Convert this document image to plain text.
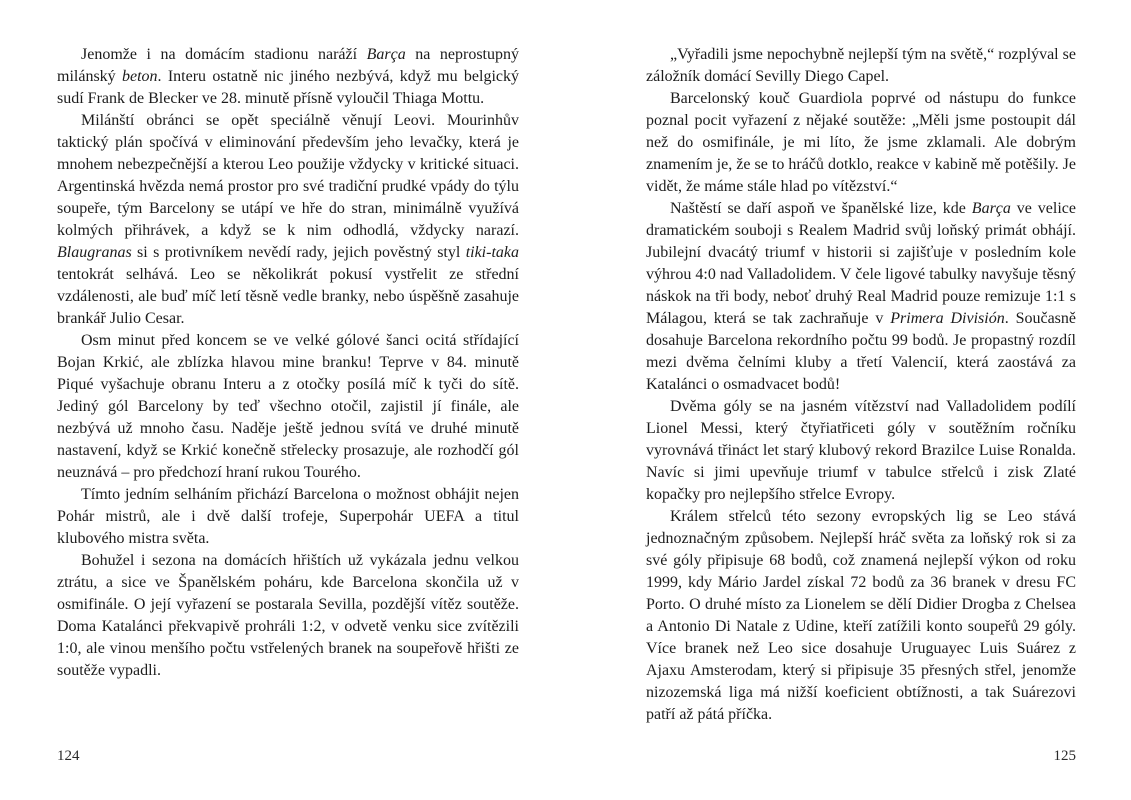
Jenomže i na domácím stadionu naráží Barça na neprostupný milánský beton. Interu ostatně nic jiného nezbývá, když mu belgický sudí Frank de Blecker ve 28. minutě přísně vyloučil Thiaga Mottu.

Milánští obránci se opět speciálně věnují Leovi. Mourinhův taktický plán spočívá v eliminování především jeho levačky, která je mnohem nebezpečnější a kterou Leo použije vždycky v kritické situaci. Argentinská hvězda nemá prostor pro své tradiční prudké vpády do týlu soupeře, tým Barcelony se utápí ve hře do stran, minimálně využívá kolmých přihrávek, a když se k nim odhodlá, vždycky narazí. Blaugranas si s protivníkem nevědí rady, jejich pověstný styl tiki-taka tentokrát selhává. Leo se několikrát pokusí vystřelit ze střední vzdálenosti, ale buď míč letí těsně vedle branky, nebo úspěšně zasahuje brankář Julio Cesar.

Osm minut před koncem se ve velké gólové šanci ocitá střídající Bojan Krkić, ale zblízka hlavou mine branku! Teprve v 84. minutě Piqué vyšachuje obranu Interu a z otočky posílá míč k tyči do sítě. Jediný gól Barcelony by teď všechno otočil, zajistil jí finále, ale nezbývá už mnoho času. Naděje ještě jednou svítá ve druhé minutě nastavení, když se Krkić konečně střelecky prosazuje, ale rozhodčí gól neuznává – pro předchozí hraní rukou Tourého.

Tímto jedním selháním přichází Barcelona o možnost obhájit nejen Pohár mistrů, ale i dvě další trofeje, Superpohár UEFA a titul klubového mistra světa.

Bohužel i sezona na domácích hřištích už vykázala jednu velkou ztrátu, a sice ve Španělském poháru, kde Barcelona skončila už v osmifinále. O její vyřazení se postarala Sevilla, pozdější vítěz soutěže. Doma Katalánci překvapivě prohráli 1:2, v odvetě venku sice zvítězili 1:0, ale vinou menšího počtu vstřelených branek na soupeřově hřišti ze soutěže vypadli.

„Vyřadili jsme nepochybně nejlepší tým na světě,“ rozplýval se záložník domácí Sevilly Diego Capel.

Barcelonský kouč Guardiola poprvé od nástupu do funkce poznal pocit vyřazení z nějaké soutěže: „Měli jsme postoupit dál než do osmifinále, je mi líto, že jsme zklamali. Ale dobrým znamením je, že se to hráčů dotklo, reakce v kabině mě potěšily. Je vidět, že máme stále hlad po vítězství.“

Naštěstí se daří aspoň ve španělské lize, kde Barça ve velice dramatickém souboji s Realem Madrid svůj loňský primát obhájí. Jubilejní dvacátý triumf v historii si zajišťuje v posledním kole výhrou 4:0 nad Valladolidem. V čele ligové tabulky navyšuje těsný náskok na tři body, neboť druhý Real Madrid pouze remizuje 1:1 s Málagou, která se tak zachraňuje v Primera División. Současně dosahuje Barcelona rekordního počtu 99 bodů. Je propastný rozdíl mezi dvěma čelními kluby a třetí Valencií, která zaostává za Katalánci o osmadvacet bodů!

Dvěma góly se na jasném vítězství nad Valladolidem podílí Lionel Messi, který čtyřiatřiceti góly v soutěžním ročníku vyrovnává třináct let starý klubový rekord Brazilce Luise Ronalda. Navíc si jimi upevňuje triumf v tabulce střelců i zisk Zlaté kopačky pro nejlepšího střelce Evropy.

Králem střelců této sezony evropských lig se Leo stává jednoznačným způsobem. Nejlepší hráč světa za loňský rok si za své góly připisuje 68 bodů, což znamená nejlepší výkon od roku 1999, kdy Mário Jardel získal 72 bodů za 36 branek v dresu FC Porto. O druhé místo za Lionelem se dělí Didier Drogba z Chelsea a Antonio Di Natale z Udine, kteří zatížili konto soupeřů 29 góly. Více branek než Leo sice dosahuje Uruguayec Luis Suárez z Ajaxu Amsterodam, který si připisuje 35 přesných střel, jenomže nizozemská liga má nižší koeficient obtížnosti, a tak Suárezovi patří až pátá příčka.

124	125
